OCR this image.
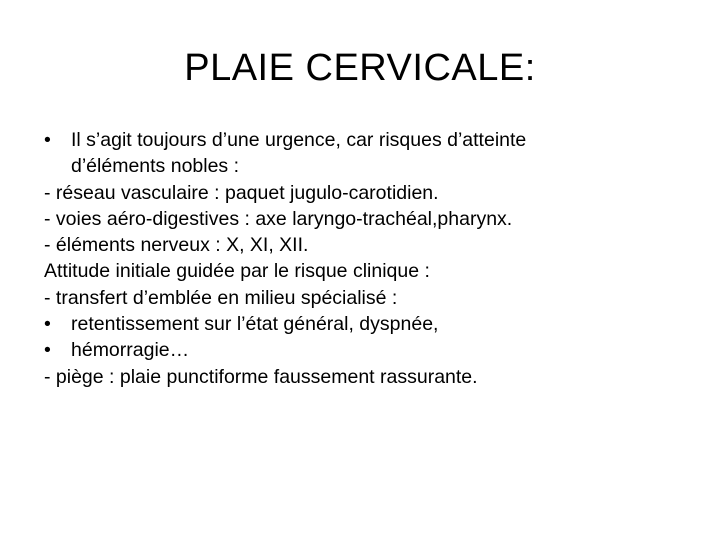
PLAIE CERVICALE:
• Il s’agit toujours d’une urgence, car risques d’atteinte
d’éléments nobles :
- réseau vasculaire : paquet jugulo-carotidien.
- voies aéro-digestives : axe laryngo-trachéal,pharynx.
- éléments nerveux : X, XI, XII.
Attitude initiale guidée par le risque clinique :
- transfert d’emblée en milieu spécialisé :
• retentissement sur l’état général, dyspnée,
• hémorragie…
- piège : plaie punctiforme faussement rassurante.
